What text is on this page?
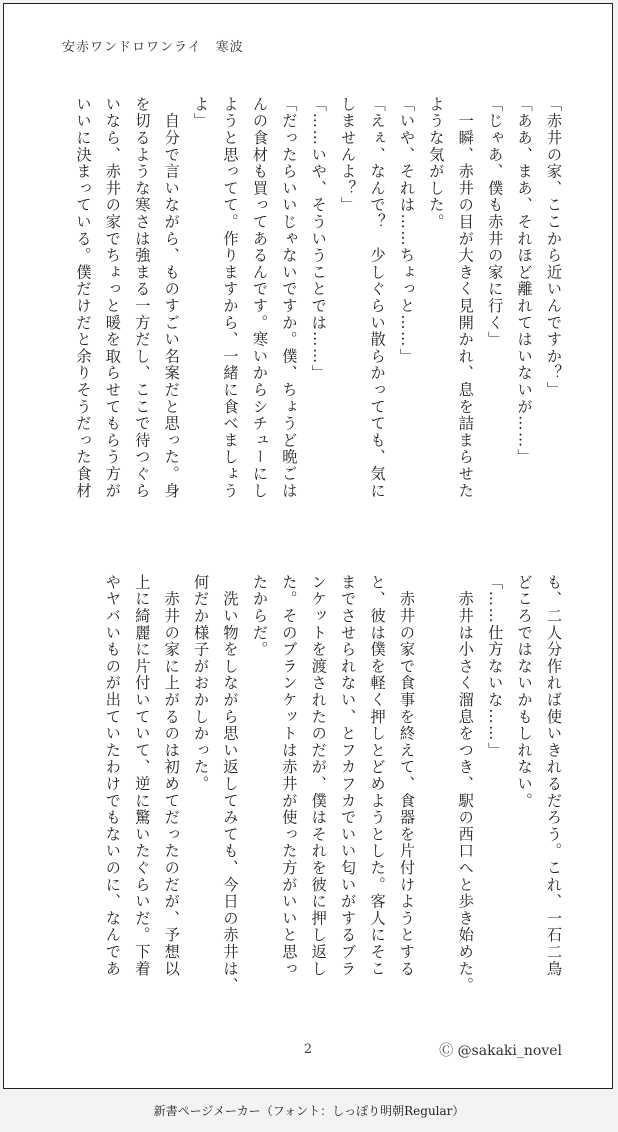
安赤ワンドロワンライ 寒波
「赤井の家、ここから近いんですか？」
「ああ、まあ、それほど離れてはいないが……」
「じゃあ、僕も赤井の家に行く」
　一瞬、赤井の目が大きく見開かれ、息を詰まらせた
ような気がした。
「いや、それは……ちょっと……」
「えぇ、なんで？　少しぐらい散らかってても、気に
しませんよ？」
「……いや、そういうことでは……」
「だったらいいじゃないですか。僕、ちょうど晩ごは
んの食材も買ってあるんです。寒いからシチューにし
ようと思ってて。作りますから、一緒に食べましょう
よ」
　自分で言いながら、ものすごい名案だと思った。身
を切るような寒さは強まる一方だし、ここで待つぐら
いなら、赤井の家でちょっと暖を取らせてもらう方が
いいに決まっている。僕だけだと余りそうだった食材
も、二人分作れば使いきれるだろう。これ、一石二鳥
どころではないかもしれない。
「……仕方ないな……」
　赤井は小さく溜息をつき、駅の西口へと歩き始めた。

　赤井の家で食事を終えて、食器を片付けようとする
と、彼は僕を軽く押しとどめようとした。客人にそこ
までさせられない、とフカフカでいい匂いがするブラ
ンケットを渡されたのだが、僕はそれを彼に押し返し
た。そのブランケットは赤井が使った方がいいと思っ
たからだ。
　洗い物をしながら思い返してみても、今日の赤井は、
何だか様子がおかしかった。
　赤井の家に上がるのは初めてだったのだが、予想以
上に綺麗に片付いていて、逆に驚いたぐらいだ。下着
やヤバいものが出ていたわけでもないのに、なんであ
2	Ⓒ @sakaki_novel
新書ページメーカー（フォント：しっぽり明朝Regular）
